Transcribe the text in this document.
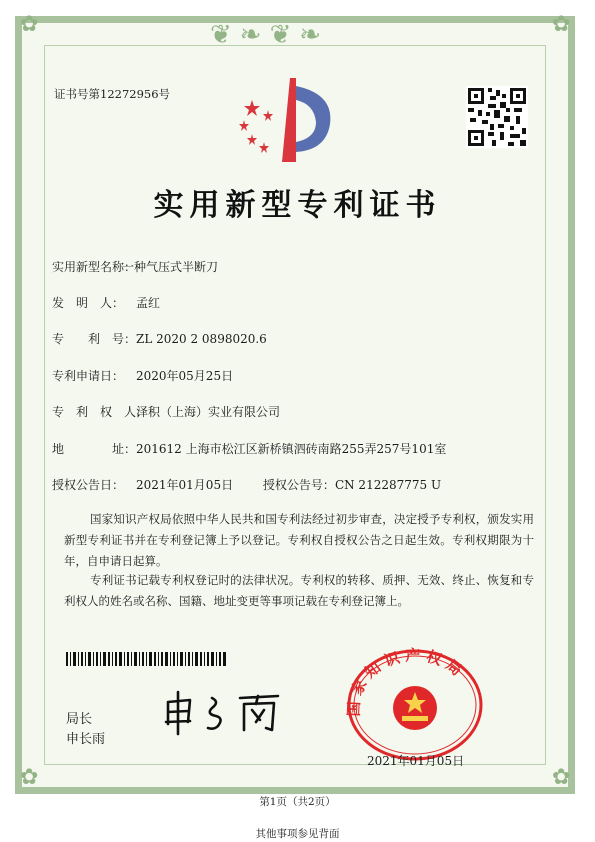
❦❧❦❧
✿	✿
✿	✿
证书号第12272956号
实用新型专利证书
实用新型名称：一种气压式半断刀
发　明　人： 孟红
专　　利　号：ZL 2020 2 0898020.6
专利申请日： 2020年05月25日
专　利　权　人：泽积（上海）实业有限公司
地　　　　址：201612 上海市松江区新桥镇泗砖南路255弄257号101室
授权公告日： 2021年01月05日 授权公告号：CN 212287775 U
国家知识产权局依照中华人民共和国专利法经过初步审查，决定授予专利权，颁发实用新型专利证书并在专利登记簿上予以登记。专利权自授权公告之日起生效。专利权期限为十年，自申请日起算。
专利证书记载专利权登记时的法律状况。专利权的转移、质押、无效、终止、恢复和专利权人的姓名或名称、国籍、地址变更等事项记载在专利登记簿上。
局长
申长雨
国家知识产权局
2021年01月05日
第1页（共2页）
其他事项参见背面
